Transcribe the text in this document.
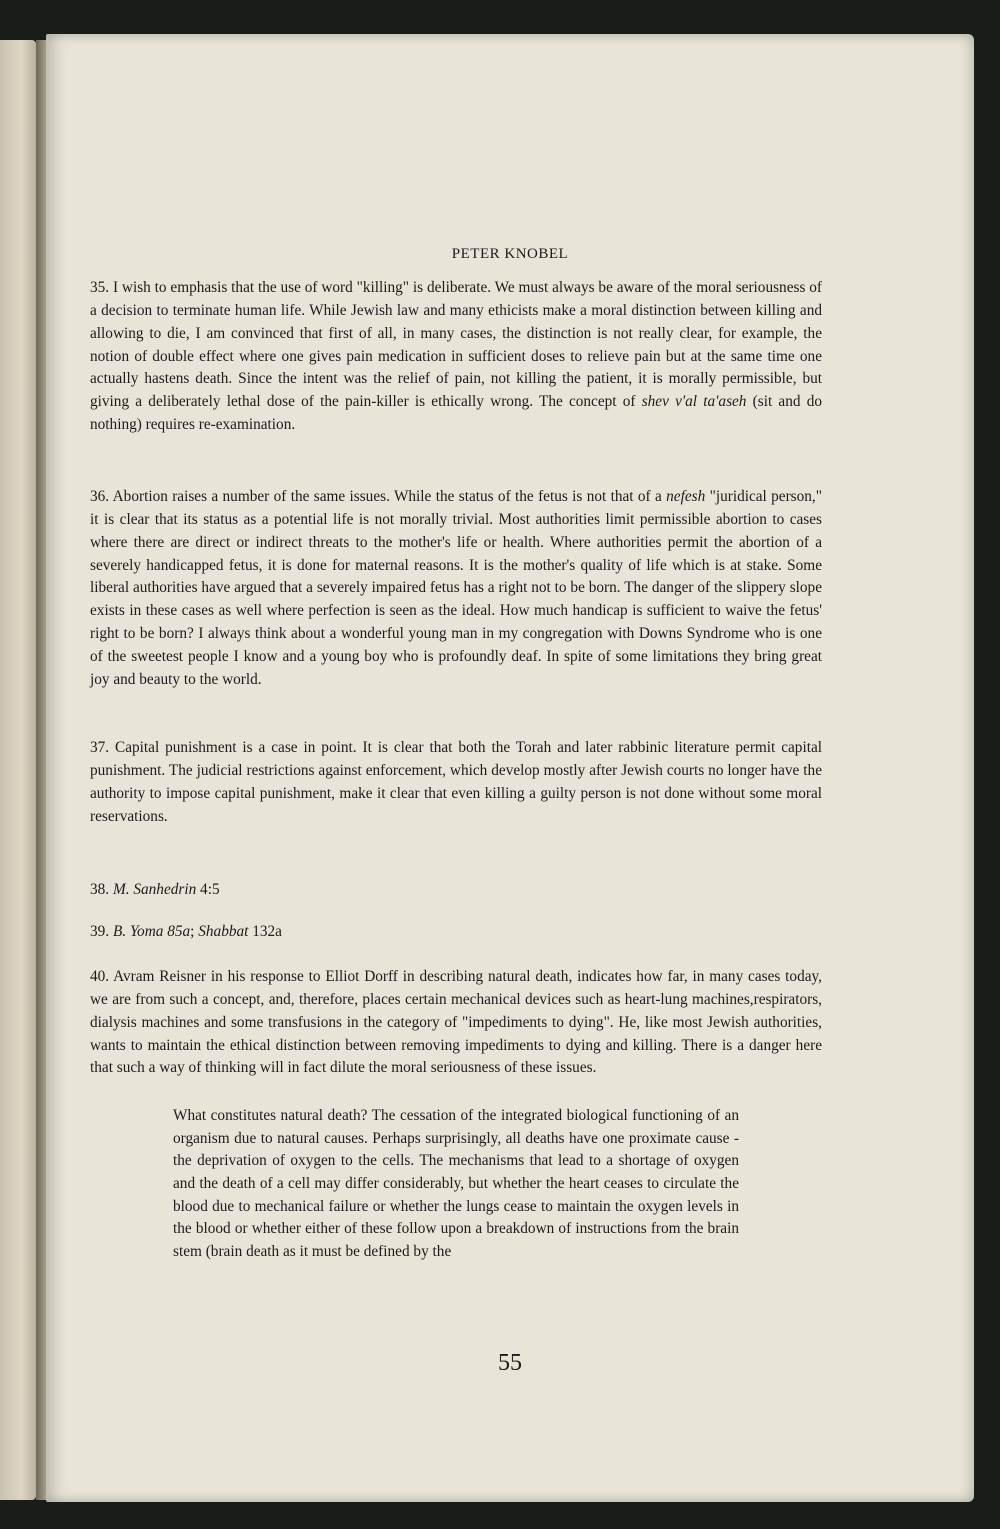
PETER KNOBEL

35. I wish to emphasis that the use of word "killing" is deliberate. We must always be aware of the moral seriousness of a decision to terminate human life. While Jewish law and many ethicists make a moral distinction between killing and allowing to die, I am convinced that first of all, in many cases, the distinction is not really clear, for example, the notion of double effect where one gives pain medication in sufficient doses to relieve pain but at the same time one actually hastens death. Since the intent was the relief of pain, not killing the patient, it is morally permissible, but giving a deliberately lethal dose of the pain-killer is ethically wrong. The concept of shev v'al ta'aseh (sit and do nothing) requires re-examination.

36. Abortion raises a number of the same issues. While the status of the fetus is not that of a nefesh "juridical person," it is clear that its status as a potential life is not morally trivial. Most authorities limit permissible abortion to cases where there are direct or indirect threats to the mother's life or health. Where authorities permit the abortion of a severely handicapped fetus, it is done for maternal reasons. It is the mother's quality of life which is at stake. Some liberal authorities have argued that a severely impaired fetus has a right not to be born. The danger of the slippery slope exists in these cases as well where perfection is seen as the ideal. How much handicap is sufficient to waive the fetus' right to be born? I always think about a wonderful young man in my congregation with Downs Syndrome who is one of the sweetest people I know and a young boy who is profoundly deaf. In spite of some limitations they bring great joy and beauty to the world.

37. Capital punishment is a case in point. It is clear that both the Torah and later rabbinic literature permit capital punishment. The judicial restrictions against enforcement, which develop mostly after Jewish courts no longer have the authority to impose capital punishment, make it clear that even killing a guilty person is not done without some moral reservations.

38. M. Sanhedrin 4:5

39. B. Yoma 85a; Shabbat 132a

40. Avram Reisner in his response to Elliot Dorff in describing natural death, indicates how far, in many cases today, we are from such a concept, and, therefore, places certain mechanical devices such as heart-lung machines,respirators, dialysis machines and some transfusions in the category of "impediments to dying". He, like most Jewish authorities, wants to maintain the ethical distinction between removing impediments to dying and killing. There is a danger here that such a way of thinking will in fact dilute the moral seriousness of these issues.

What constitutes natural death? The cessation of the integrated biological functioning of an organism due to natural causes. Perhaps surprisingly, all deaths have one proximate cause - the deprivation of oxygen to the cells. The mechanisms that lead to a shortage of oxygen and the death of a cell may differ considerably, but whether the heart ceases to circulate the blood due to mechanical failure or whether the lungs cease to maintain the oxygen levels in the blood or whether either of these follow upon a breakdown of instructions from the brain stem (brain death as it must be defined by the

55
